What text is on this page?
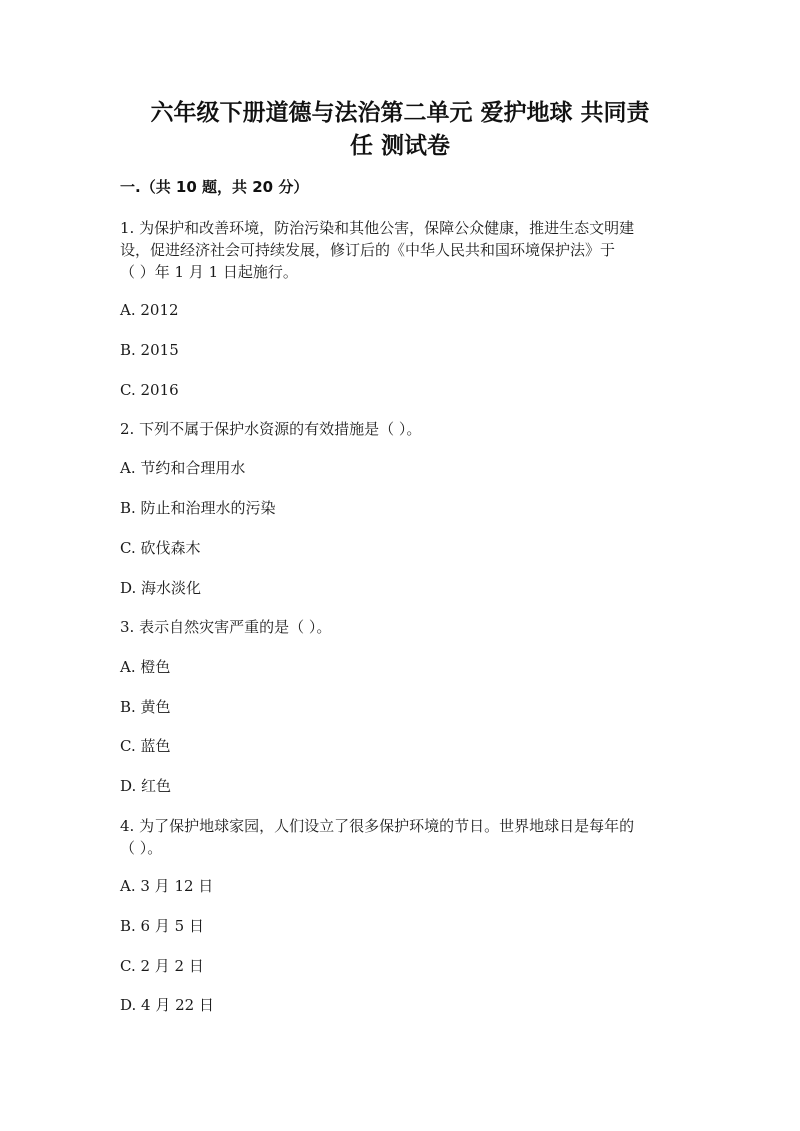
六年级下册道德与法治第二单元 爱护地球 共同责
任 测试卷
一.（共 10 题，共 20 分）
1. 为保护和改善环境，防治污染和其他公害，保障公众健康，推进生态文明建
设，促进经济社会可持续发展，修订后的《中华人民共和国环境保护法》于
（ ）年 1 月 1 日起施行。
A. 2012
B. 2015
C. 2016
2. 下列不属于保护水资源的有效措施是（ ）。
A. 节约和合理用水
B. 防止和治理水的污染
C. 砍伐森木
D. 海水淡化
3. 表示自然灾害严重的是（ ）。
A. 橙色
B. 黄色
C. 蓝色
D. 红色
4. 为了保护地球家园，人们设立了很多保护环境的节日。世界地球日是每年的
（ ）。
A. 3 月 12 日
B. 6 月 5 日
C. 2 月 2 日
D. 4 月 22 日
